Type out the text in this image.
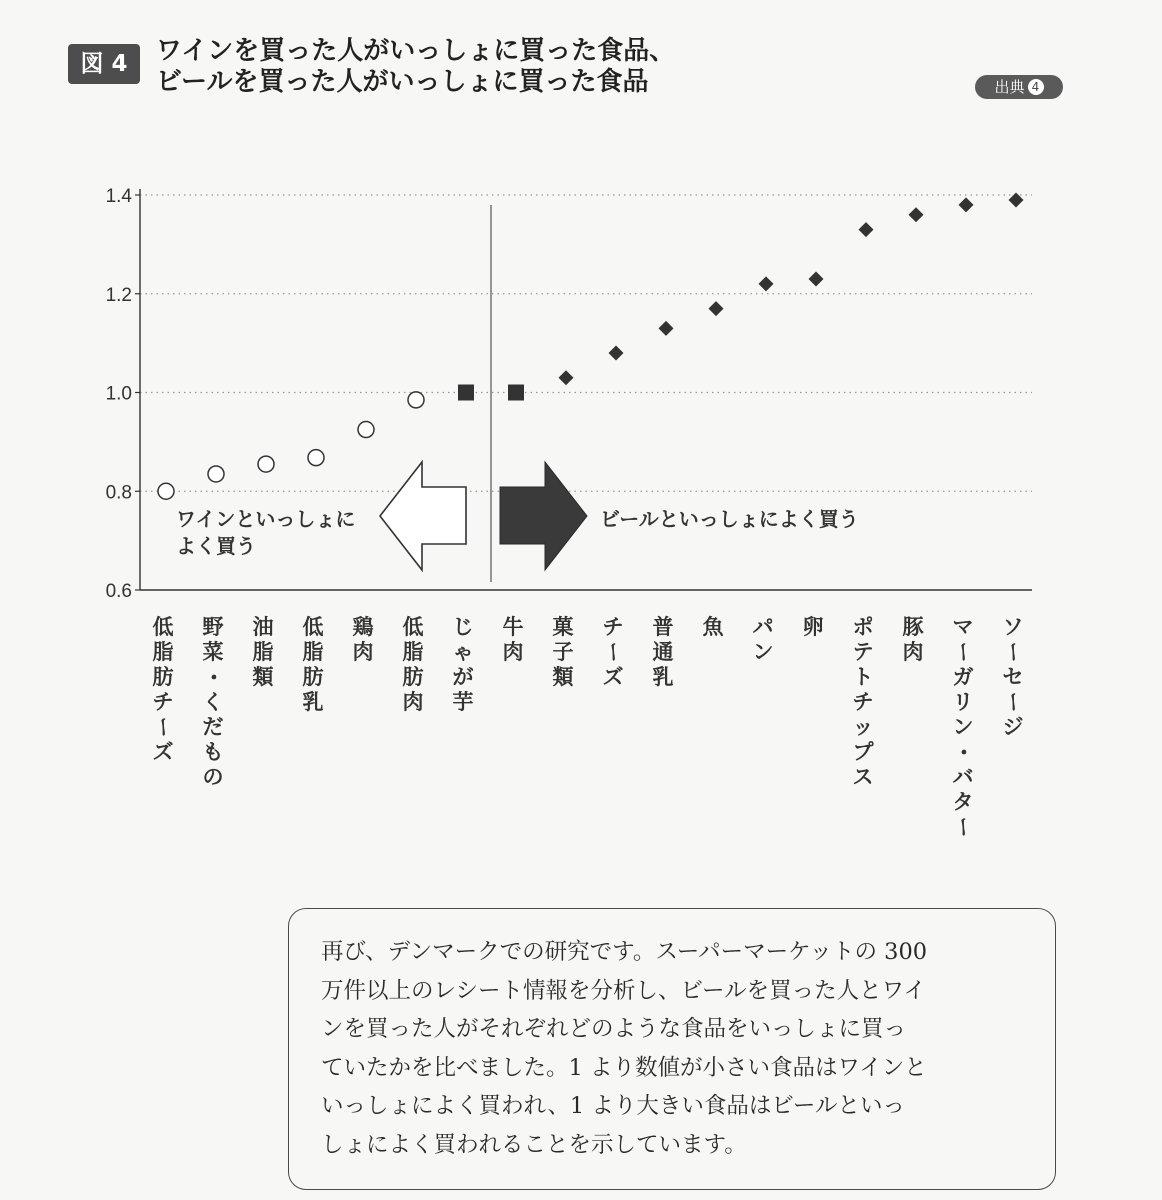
図 4	ワインを買った人がいっしょに買った食品、
ビールを買った人がいっしょに買った食品	出典 4
0.6
0.8
1.0
1.2
1.4
ワインといっしょに
よく買う
ビールといっしょによく買う
低
脂
肪
チ
ー
ズ
野
菜
・
く
だ
も
の
油
脂
類
低
脂
肪
乳
鶏
肉
低
脂
肪
肉
じ
ゃ
が
芋
牛
肉
菓
子
類
チ
ー
ズ
普
通
乳
魚 パ
ン
卵 ポ
テ
ト
チ
ッ
プ
ス
豚
肉
マ
ー
ガ
リ
ン
・
バ
タ
ー
ソ
ー
セ
ー
ジ
再び、デンマークでの研究です。スーパーマーケットの 300
万件以上のレシート情報を分析し、ビールを買った人とワイ
ンを買った人がそれぞれどのような食品をいっしょに買っ
ていたかを比べました。1 より数値が小さい食品はワインと
いっしょによく買われ、1 より大きい食品はビールといっ
しょによく買われることを示しています。
